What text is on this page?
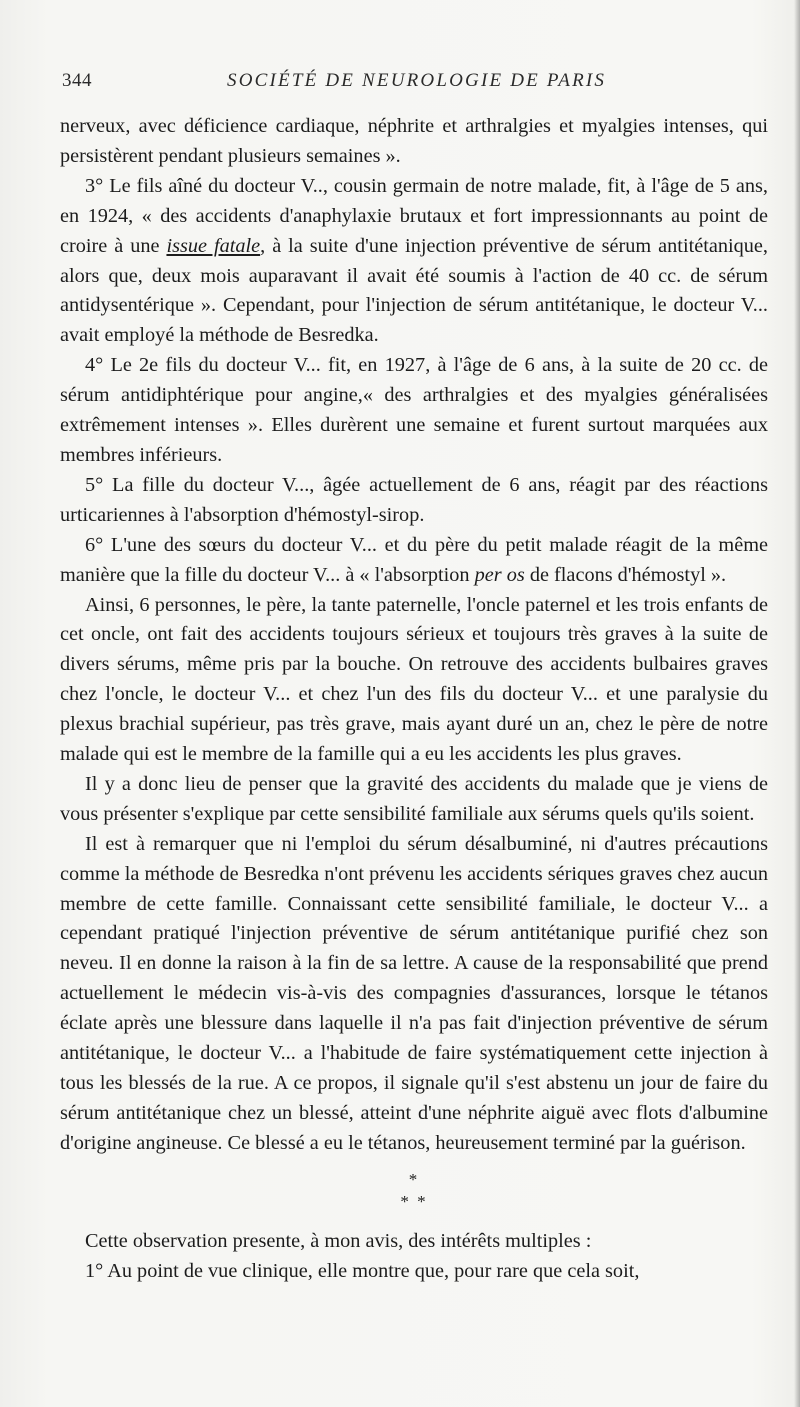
344	SOCIÉTÉ DE NEUROLOGIE DE PARIS

nerveux, avec déficience cardiaque, néphrite et arthralgies et myalgies intenses, qui persistèrent pendant plusieurs semaines ».

3° Le fils aîné du docteur V.., cousin germain de notre malade, fit, à l'âge de 5 ans, en 1924, « des accidents d'anaphylaxie brutaux et fort impressionnants au point de croire à une issue fatale, à la suite d'une injection préventive de sérum antitétanique, alors que, deux mois auparavant il avait été soumis à l'action de 40 cc. de sérum antidysentérique ». Cependant, pour l'injection de sérum antitétanique, le docteur V... avait employé la méthode de Besredka.

4° Le 2e fils du docteur V... fit, en 1927, à l'âge de 6 ans, à la suite de 20 cc. de sérum antidiphtérique pour angine,« des arthralgies et des myalgies généralisées extrêmement intenses ». Elles durèrent une semaine et furent surtout marquées aux membres inférieurs.

5° La fille du docteur V..., âgée actuellement de 6 ans, réagit par des réactions urticariennes à l'absorption d'hémostyl-sirop.

6° L'une des sœurs du docteur V... et du père du petit malade réagit de la même manière que la fille du docteur V... à « l'absorption per os de flacons d'hémostyl ».

Ainsi, 6 personnes, le père, la tante paternelle, l'oncle paternel et les trois enfants de cet oncle, ont fait des accidents toujours sérieux et toujours très graves à la suite de divers sérums, même pris par la bouche. On retrouve des accidents bulbaires graves chez l'oncle, le docteur V... et chez l'un des fils du docteur V... et une paralysie du plexus brachial supérieur, pas très grave, mais ayant duré un an, chez le père de notre malade qui est le membre de la famille qui a eu les accidents les plus graves.

Il y a donc lieu de penser que la gravité des accidents du malade que je viens de vous présenter s'explique par cette sensibilité familiale aux sérums quels qu'ils soient.

Il est à remarquer que ni l'emploi du sérum désalbuminé, ni d'autres précautions comme la méthode de Besredka n'ont prévenu les accidents sériques graves chez aucun membre de cette famille. Connaissant cette sensibilité familiale, le docteur V... a cependant pratiqué l'injection préventive de sérum antitétanique purifié chez son neveu. Il en donne la raison à la fin de sa lettre. A cause de la responsabilité que prend actuellement le médecin vis-à-vis des compagnies d'assurances, lorsque le tétanos éclate après une blessure dans laquelle il n'a pas fait d'injection préventive de sérum antitétanique, le docteur V... a l'habitude de faire systématiquement cette injection à tous les blessés de la rue. A ce propos, il signale qu'il s'est abstenu un jour de faire du sérum antitétanique chez un blessé, atteint d'une néphrite aiguë avec flots d'albumine d'origine angineuse. Ce blessé a eu le tétanos, heureusement terminé par la guérison.

*
* *

Cette observation presente, à mon avis, des intérêts multiples :

1° Au point de vue clinique, elle montre que, pour rare que cela soit,
